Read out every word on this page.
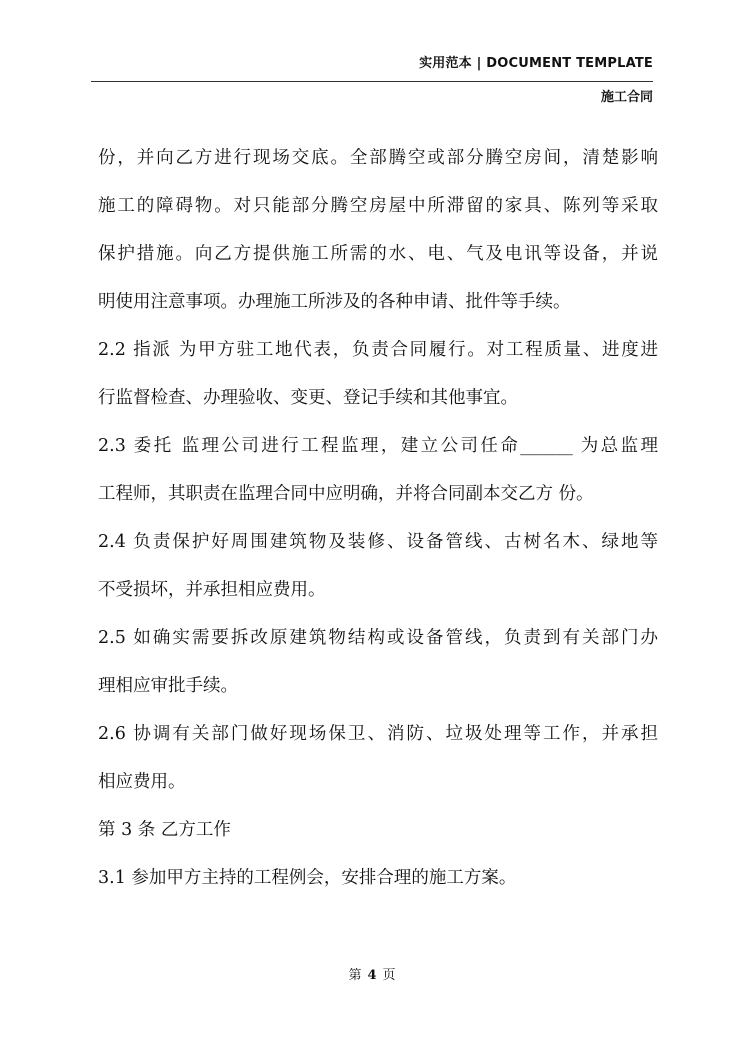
实用范本 | DOCUMENT TEMPLATE
施工合同
份，并向乙方进行现场交底。全部腾空或部分腾空房间，清楚影响
施工的障碍物。对只能部分腾空房屋中所滞留的家具、陈列等采取
保护措施。向乙方提供施工所需的水、电、气及电讯等设备，并说
明使用注意事项。办理施工所涉及的各种申请、批件等手续。
2.2 指派 为甲方驻工地代表，负责合同履行。对工程质量、进度进
行监督检查、办理验收、变更、登记手续和其他事宜。
2.3 委托 监理公司进行工程监理，建立公司任命______ 为总监理
工程师，其职责在监理合同中应明确，并将合同副本交乙方 份。
2.4 负责保护好周围建筑物及装修、设备管线、古树名木、绿地等
不受损坏，并承担相应费用。
2.5 如确实需要拆改原建筑物结构或设备管线，负责到有关部门办
理相应审批手续。
2.6 协调有关部门做好现场保卫、消防、垃圾处理等工作，并承担
相应费用。
第 3 条 乙方工作
3.1 参加甲方主持的工程例会，安排合理的施工方案。
第 4 页
